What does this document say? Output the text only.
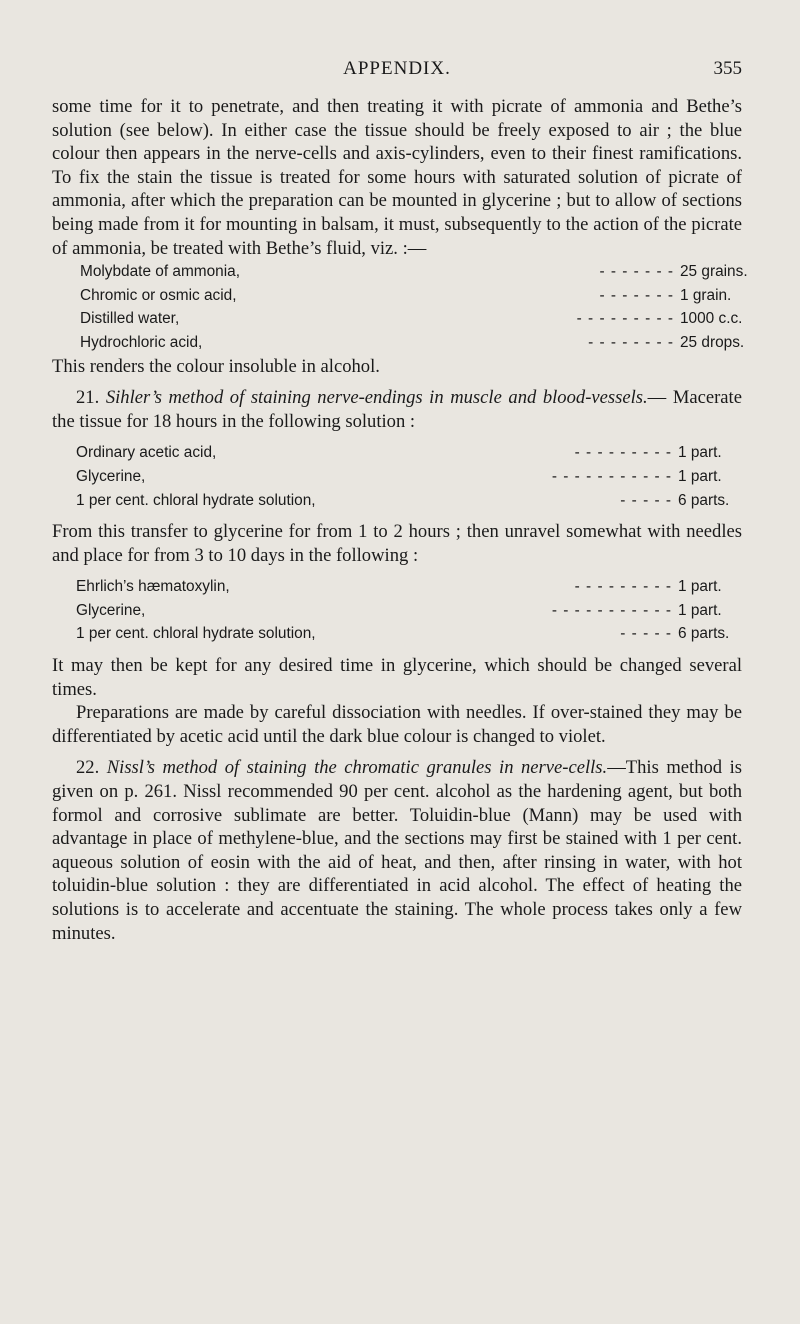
APPENDIX.	355

some time for it to penetrate, and then treating it with picrate of ammonia and Bethe’s solution (see below). In either case the tissue should be freely exposed to air ; the blue colour then appears in the nerve-cells and axis-cylinders, even to their finest ramifications. To fix the stain the tissue is treated for some hours with saturated solution of picrate of ammonia, after which the preparation can be mounted in glycerine ; but to allow of sections being made from it for mounting in balsam, it must, subsequently to the action of the picrate of ammonia, be treated with Bethe’s fluid, viz. :—

Molybdate of ammonia,	- - - - - - - 25 grains.
Chromic or osmic acid,	- - - - - - - 1 grain.
Distilled water,	- - - - - - - - - 1000 c.c.
Hydrochloric acid,	- - - - - - - - 25 drops.

This renders the colour insoluble in alcohol.

21. Sihler’s method of staining nerve-endings in muscle and blood-vessels.— Macerate the tissue for 18 hours in the following solution :

Ordinary acetic acid,	- - - - - - - - - 1 part.
Glycerine,	- - - - - - - - - - - 1 part.
1 per cent. chloral hydrate solution,	- - - - - 6 parts.

From this transfer to glycerine for from 1 to 2 hours ; then unravel somewhat with needles and place for from 3 to 10 days in the following :

Ehrlich’s hæmatoxylin,	- - - - - - - - - 1 part.
Glycerine,	- - - - - - - - - - - 1 part.
1 per cent. chloral hydrate solution,	- - - - - 6 parts.

It may then be kept for any desired time in glycerine, which should be changed several times.

Preparations are made by careful dissociation with needles. If over-stained they may be differentiated by acetic acid until the dark blue colour is changed to violet.

22. Nissl’s method of staining the chromatic granules in nerve-cells.—This method is given on p. 261. Nissl recommended 90 per cent. alcohol as the hardening agent, but both formol and corrosive sublimate are better. Toluidin-blue (Mann) may be used with advantage in place of methylene-blue, and the sections may first be stained with 1 per cent. aqueous solution of eosin with the aid of heat, and then, after rinsing in water, with hot toluidin-blue solution : they are differentiated in acid alcohol. The effect of heating the solutions is to accelerate and accentuate the staining. The whole process takes only a few minutes.
